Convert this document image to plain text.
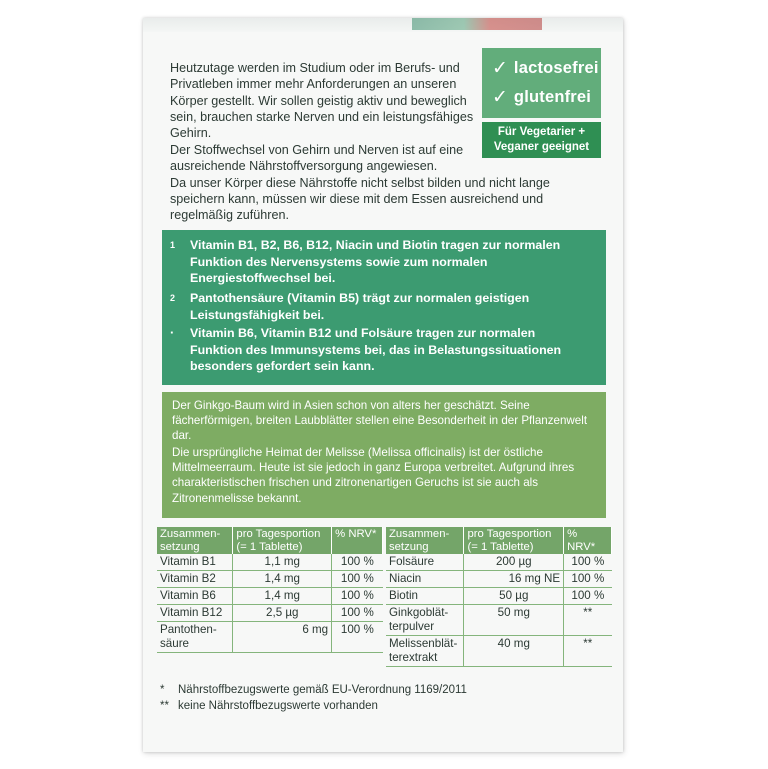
Heutzutage werden im Studium oder im Berufs- und Privatleben immer mehr Anforderungen an unseren Körper gestellt. Wir sollen geistig aktiv und beweglich sein, brauchen starke Nerven und ein leistungsfähiges Gehirn.

Der Stoffwechsel von Gehirn und Nerven ist auf eine ausreichende Nährstoffversorgung angewiesen.

Da unser Körper diese Nährstoffe nicht selbst bilden und nicht lange speichern kann, müssen wir diese mit dem Essen ausreichend und regelmäßig zuführen.

✓ lactosefrei
✓ glutenfrei
Für Vegetarier +
Veganer geeignet
1 Vitamin B1, B2, B6, B12, Niacin und Biotin tragen zur normalen Funktion des Nervensystems sowie zum normalen Energiestoffwechsel bei.
2 Pantothensäure (Vitamin B5) trägt zur normalen geistigen Leistungsfähigkeit bei.
· Vitamin B6, Vitamin B12 und Folsäure tragen zur normalen Funktion des Immunsystems bei, das in Belastungssituationen besonders gefordert sein kann.

Der Ginkgo-Baum wird in Asien schon von alters her geschätzt. Seine fächerförmigen, breiten Laubblätter stellen eine Besonderheit in der Pflanzenwelt dar.

Die ursprüngliche Heimat der Melisse (Melissa officinalis) ist der östliche Mittelmeerraum. Heute ist sie jedoch in ganz Europa verbreitet. Aufgrund ihres charakteristischen frischen und zitronenartigen Geruchs ist sie auch als Zitronenmelisse bekannt.

Zusammen-setzung	pro Tagesportion (= 1 Tablette)	% NRV*
Vitamin B1	1,1 mg	100 %
Vitamin B2	1,4 mg	100 %
Vitamin B6	1,4 mg	100 %
Vitamin B12	2,5 µg	100 %
Pantothen-säure	6 mg	100 %
Zusammen-setzung	pro Tagesportion (= 1 Tablette)	% NRV*
Folsäure	200 µg	100 %
Niacin	16 mg NE	100 %
Biotin	50 µg	100 %
Ginkgoblät-terpulver	50 mg	**
Melissenblät-terextrakt	40 mg	**
* Nährstoffbezugswerte gemäß EU-Verordnung 1169/2011
** keine Nährstoffbezugswerte vorhanden
